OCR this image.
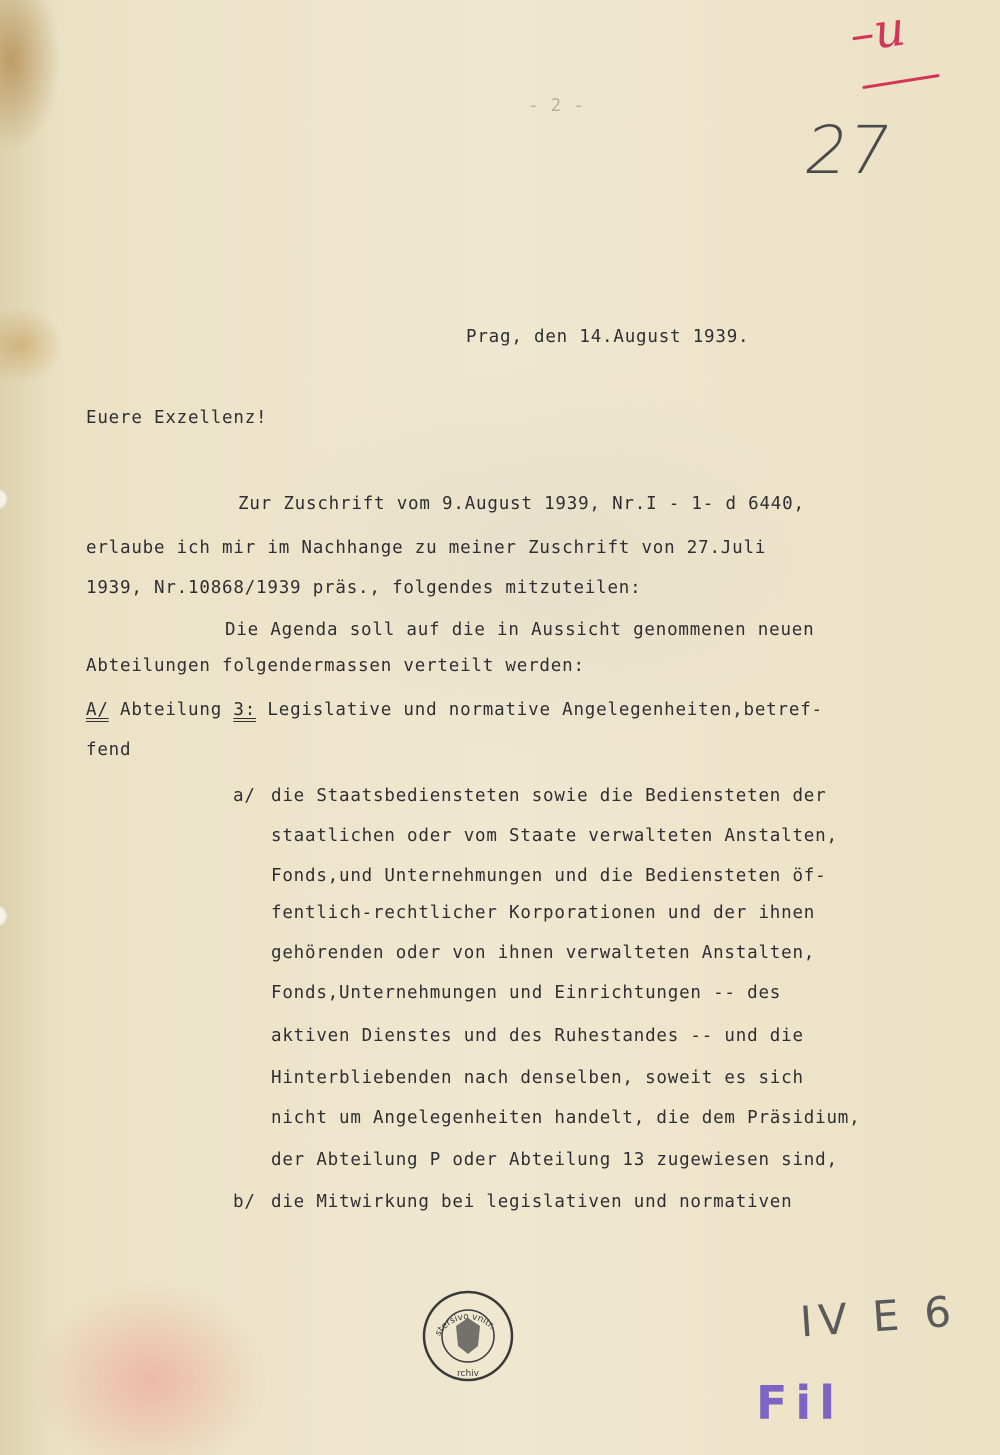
–u
27
IV E 6
Fil

- 2 -

Prag, den 14.August 1939.

Euere Exzellenz!

Zur Zuschrift vom 9.August 1939, Nr.I - 1- d 6440,

erlaube ich mir im Nachhange zu meiner Zuschrift von 27.Juli

1939, Nr.10868/1939 präs., folgendes mitzuteilen:

Die Agenda soll auf die in Aussicht genommenen neuen

Abteilungen folgendermassen verteilt werden:

A/ Abteilung 3: Legislative und normative Angelegenheiten,betref-

fend

a/ die Staatsbediensteten sowie die Bediensteten der

staatlichen oder vom Staate verwalteten Anstalten,

Fonds,und Unternehmungen und die Bediensteten öf-

fentlich-rechtlicher Korporationen und der ihnen

gehörenden oder von ihnen verwalteten Anstalten,

Fonds,Unternehmungen und Einrichtungen -- des

aktiven Dienstes und des Ruhestandes -- und die

Hinterbliebenden nach denselben, soweit es sich

nicht um Angelegenheiten handelt, die dem Präsidium,

der Abteilung P oder Abteilung 13 zugewiesen sind,

b/ die Mitwirkung bei legislativen und normativen

stersivo vnitr.
rchiv
